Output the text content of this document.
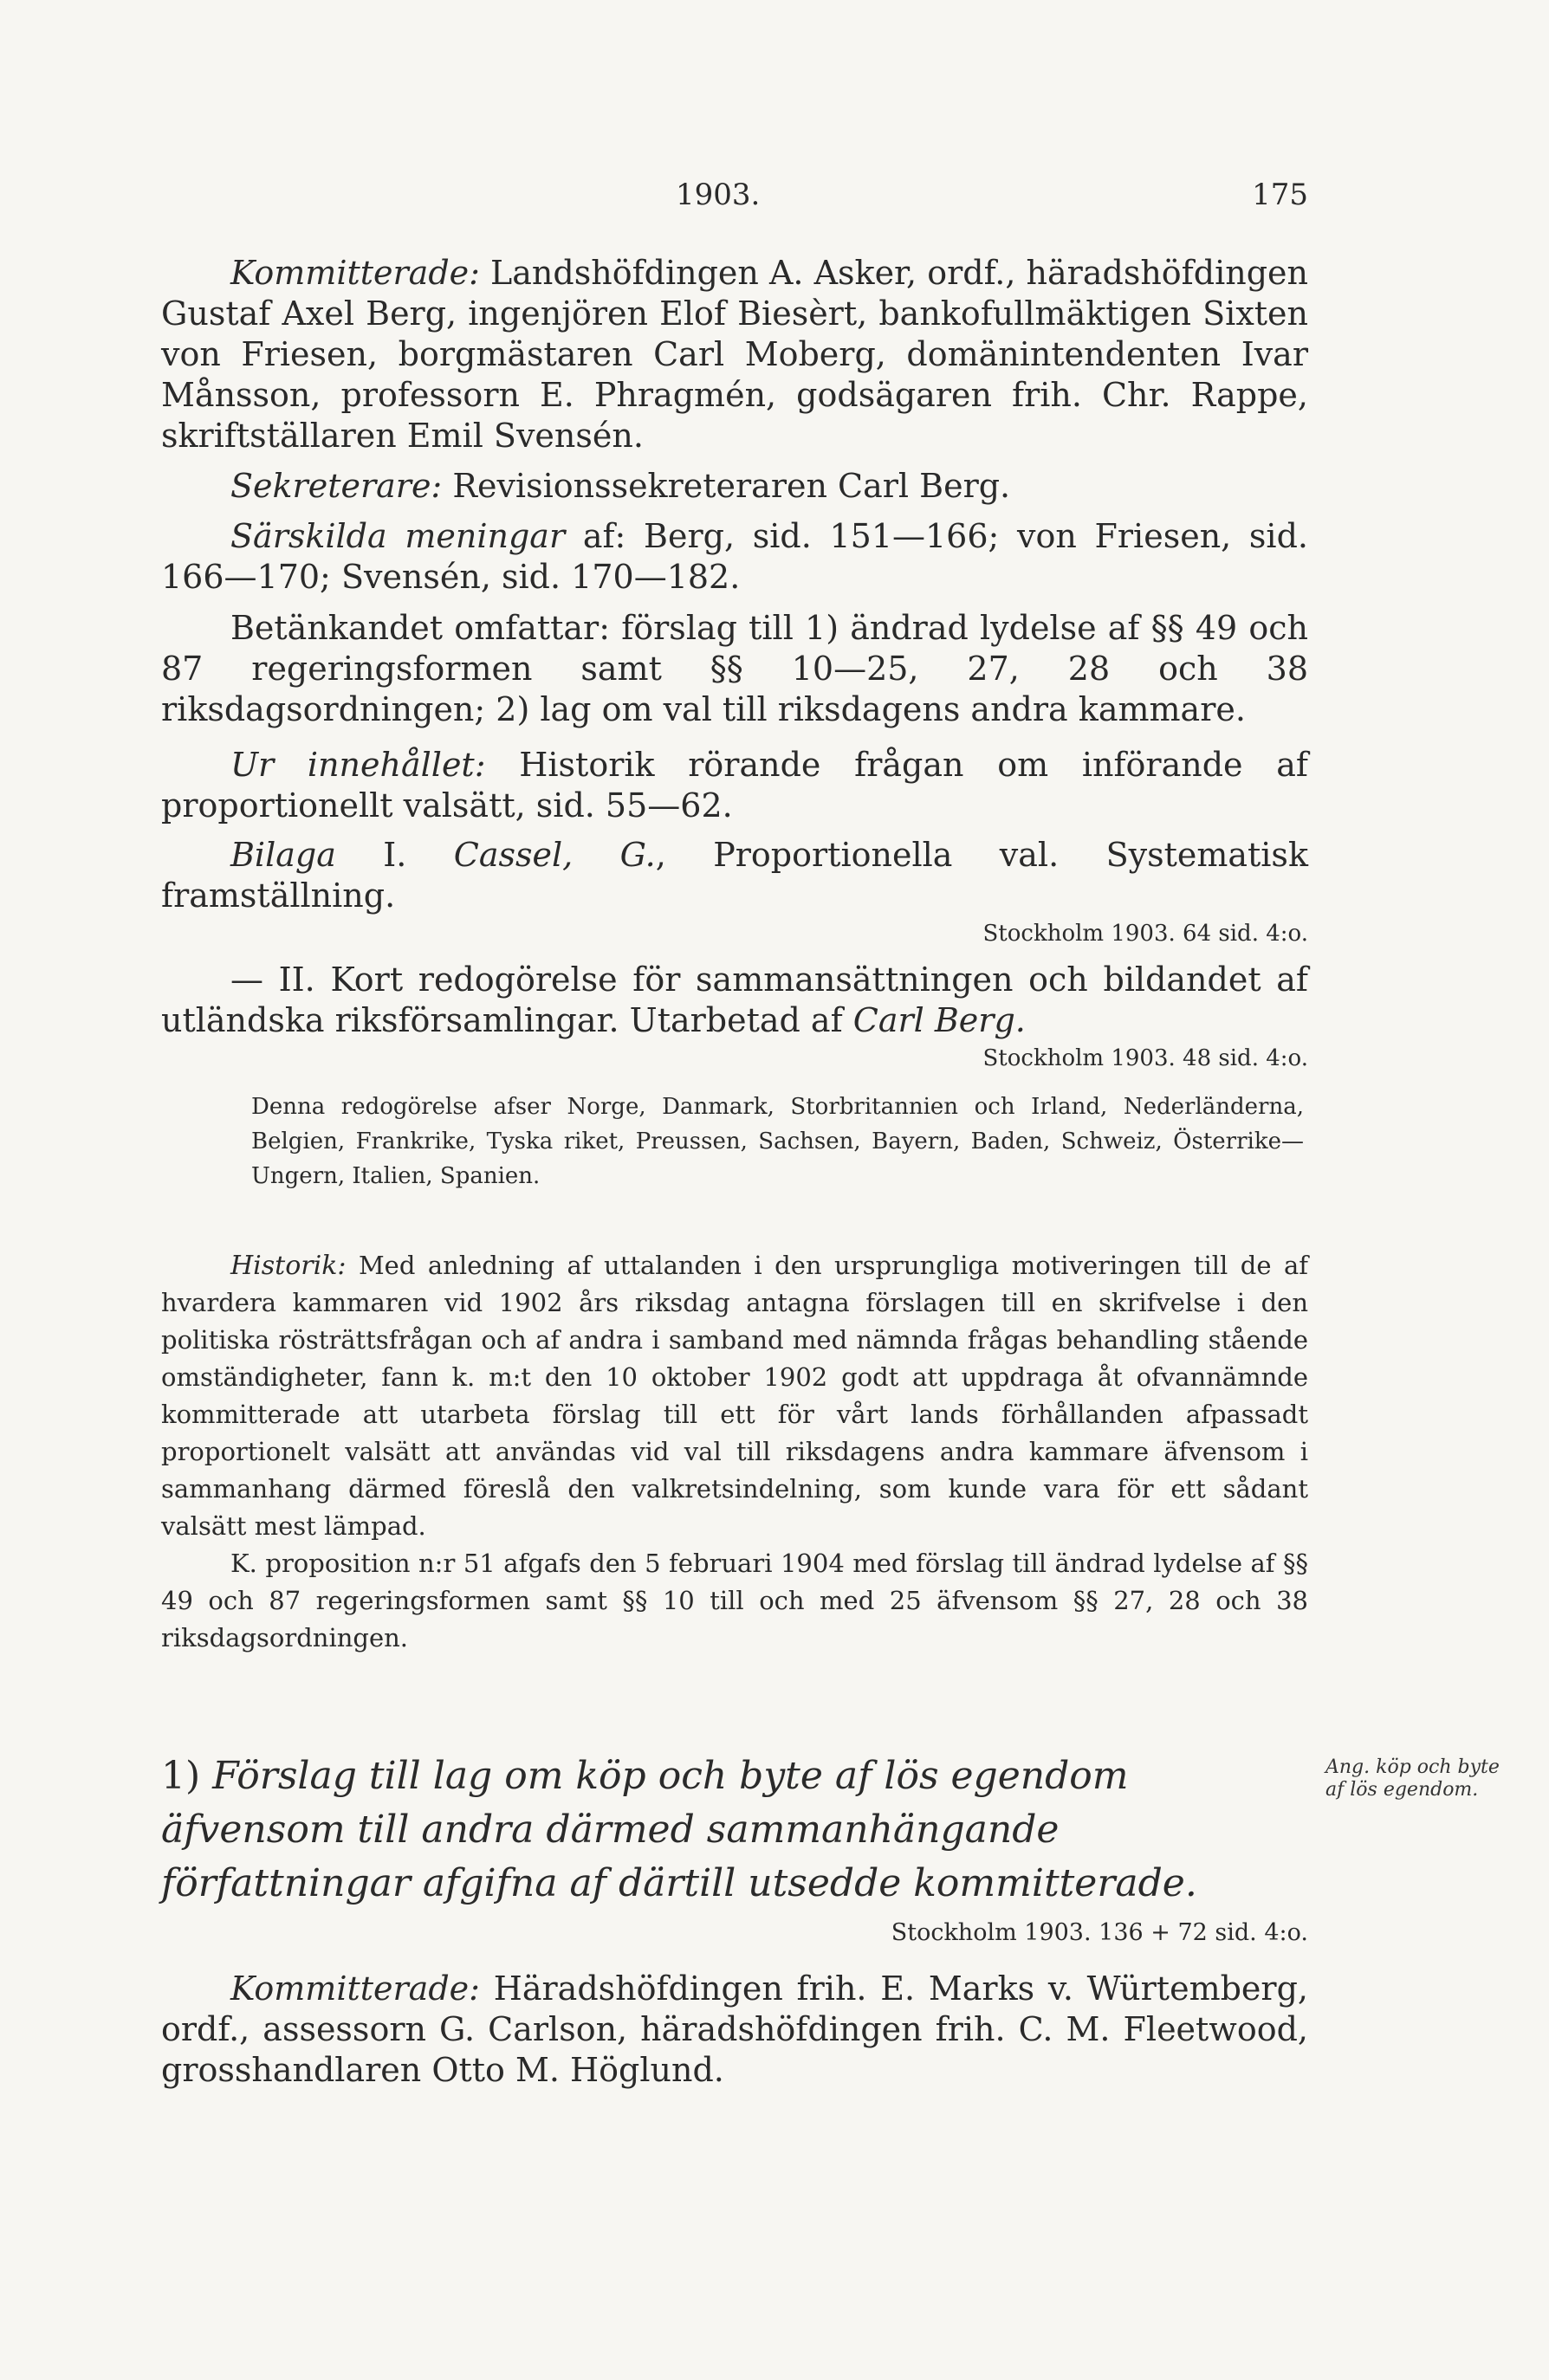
1903.	175

Kommitterade: Landshöfdingen A. Asker, ordf., häradshöfdingen Gustaf Axel Berg, ingenjören Elof Biesèrt, bankofullmäktigen Sixten von Friesen, borgmästaren Carl Moberg, domänintendenten Ivar Månsson, professorn E. Phragmén, godsägaren frih. Chr. Rappe, skriftställaren Emil Svensén.

Sekreterare: Revisionssekreteraren Carl Berg.

Särskilda meningar af: Berg, sid. 151—166; von Friesen, sid. 166—170; Svensén, sid. 170—182.

Betänkandet omfattar: förslag till 1) ändrad lydelse af §§ 49 och 87 regeringsformen samt §§ 10—25, 27, 28 och 38 riksdagsordningen; 2) lag om val till riksdagens andra kammare.

Ur innehållet: Historik rörande frågan om införande af proportionellt valsätt, sid. 55—62.

Bilaga I. Cassel, G., Proportionella val. Systematisk framställning.

Stockholm 1903. 64 sid. 4:o.

— II. Kort redogörelse för sammansättningen och bildandet af utländska riksförsamlingar. Utarbetad af Carl Berg.

Stockholm 1903. 48 sid. 4:o.

Denna redogörelse afser Norge, Danmark, Storbritannien och Irland, Nederländerna, Belgien, Frankrike, Tyska riket, Preussen, Sachsen, Bayern, Baden, Schweiz, Österrike—Ungern, Italien, Spanien.

Historik: Med anledning af uttalanden i den ursprungliga motiveringen till de af hvardera kammaren vid 1902 års riksdag antagna förslagen till en skrifvelse i den politiska rösträttsfrågan och af andra i samband med nämnda frågas behandling stående omständigheter, fann k. m:t den 10 oktober 1902 godt att uppdraga åt ofvannämnde kommitterade att utarbeta förslag till ett för vårt lands förhållanden afpassadt proportionelt valsätt att användas vid val till riksdagens andra kammare äfvensom i sammanhang därmed föreslå den valkretsindelning, som kunde vara för ett sådant valsätt mest lämpad.

K. proposition n:r 51 afgafs den 5 februari 1904 med förslag till ändrad lydelse af §§ 49 och 87 regeringsformen samt §§ 10 till och med 25 äfvensom §§ 27, 28 och 38 riksdagsordningen.

1) Förslag till lag om köp och byte af lös egendom äfvensom till andra därmed sammanhängande författningar afgifna af därtill utsedde kommitterade.

Stockholm 1903. 136 + 72 sid. 4:o.

Kommitterade: Häradshöfdingen frih. E. Marks v. Würtemberg, ordf., assessorn G. Carlson, häradshöfdingen frih. C. M. Fleetwood, grosshandlaren Otto M. Höglund.

Ang. köp och byte af lös egendom.
